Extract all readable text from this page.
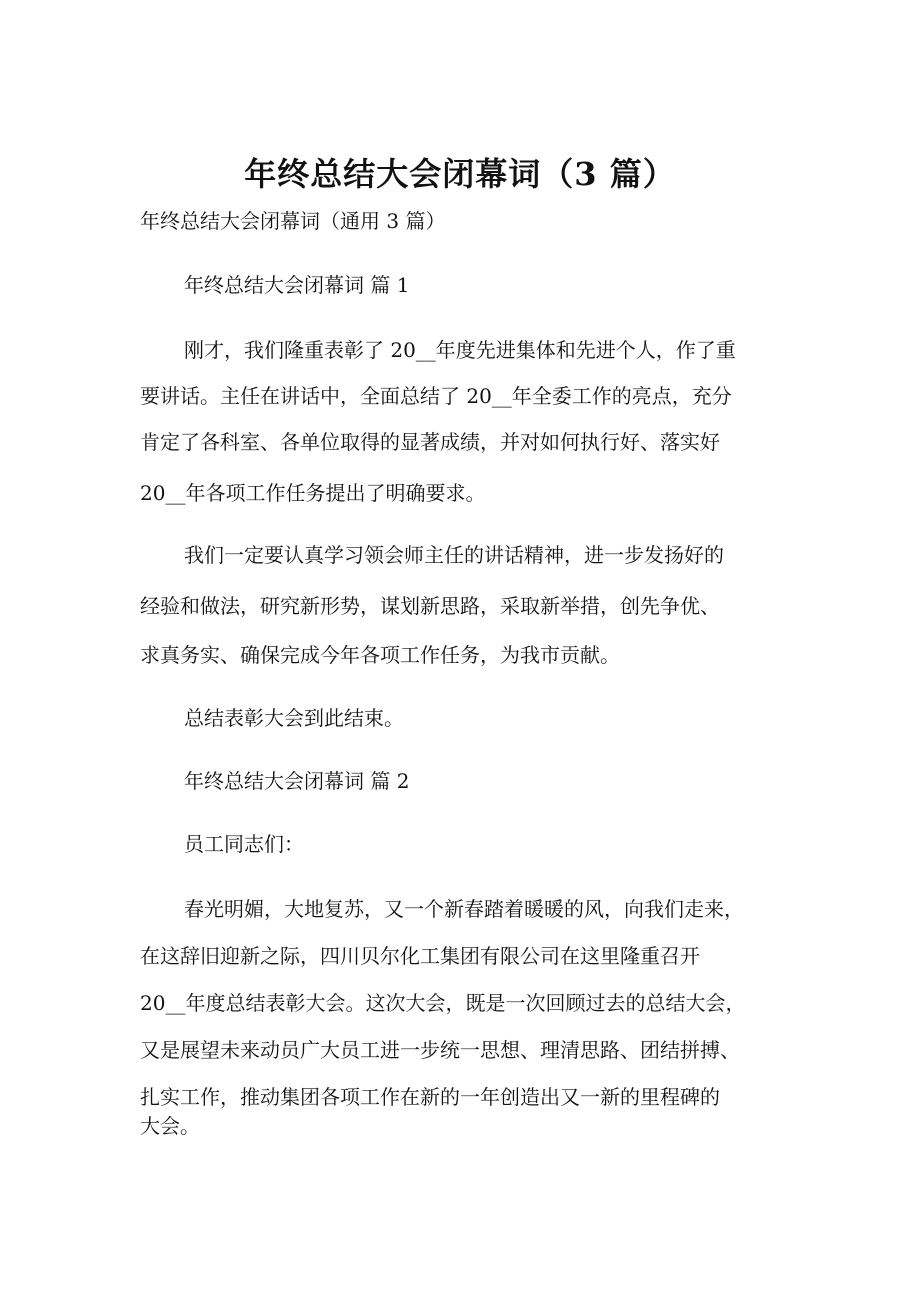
年终总结大会闭幕词（3 篇）

年终总结大会闭幕词（通用 3 篇）

年终总结大会闭幕词 篇 1

刚才，我们隆重表彰了 20__年度先进集体和先进个人，作了重

要讲话。主任在讲话中，全面总结了 20__年全委工作的亮点，充分

肯定了各科室、各单位取得的显著成绩，并对如何执行好、落实好

20__年各项工作任务提出了明确要求。

我们一定要认真学习领会师主任的讲话精神，进一步发扬好的

经验和做法，研究新形势，谋划新思路，采取新举措，创先争优、

求真务实、确保完成今年各项工作任务，为我市贡献。

总结表彰大会到此结束。

年终总结大会闭幕词 篇 2

员工同志们：

春光明媚，大地复苏，又一个新春踏着暖暖的风，向我们走来，

在这辞旧迎新之际，四川贝尔化工集团有限公司在这里隆重召开

20__年度总结表彰大会。这次大会，既是一次回顾过去的总结大会，

又是展望未来动员广大员工进一步统一思想、理清思路、团结拼搏、

扎实工作，推动集团各项工作在新的一年创造出又一新的里程碑的

大会。
